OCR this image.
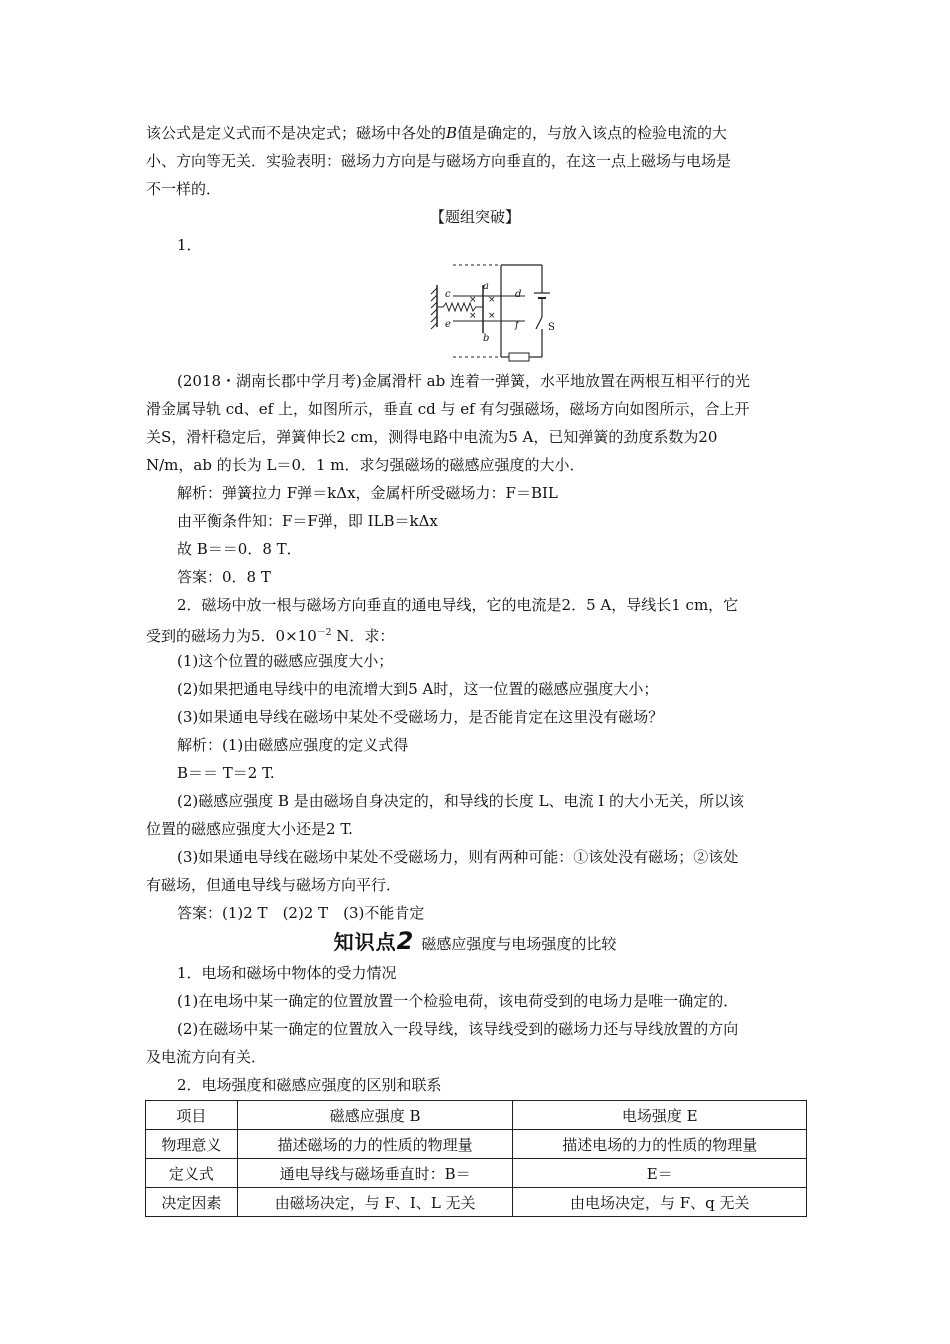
该公式是定义式而不是决定式；磁场中各处的B值是确定的，与放入该点的检验电流的大
小、方向等无关．实验表明：磁场力方向是与磁场方向垂直的，在这一点上磁场与电场是
不一样的．
【题组突破】
1．
a
b
c	d
e	f	S
× ×
× ×
(2018・湖南长郡中学月考)金属滑杆 ab 连着一弹簧，水平地放置在两根互相平行的光
滑金属导轨 cd、ef 上，如图所示，垂直 cd 与 ef 有匀强磁场，磁场方向如图所示，合上开
关S，滑杆稳定后，弹簧伸长2 cm，测得电路中电流为5 A，已知弹簧的劲度系数为20
N/m，ab 的长为 L＝0．1 m．求匀强磁场的磁感应强度的大小．
解析：弹簧拉力 F弹＝kΔx，金属杆所受磁场力：F＝BIL
由平衡条件知：F＝F弹，即 ILB＝kΔx
故 B＝＝0．8 T．
答案：0．8 T
2．磁场中放一根与磁场方向垂直的通电导线，它的电流是2．5 A，导线长1 cm，它
受到的磁场力为5．$0\times 10^{-2}$ N．求：
(1)这个位置的磁感应强度大小；
(2)如果把通电导线中的电流增大到5 A时，这一位置的磁感应强度大小；
(3)如果通电导线在磁场中某处不受磁场力，是否能肯定在这里没有磁场？
解析：(1)由磁感应强度的定义式得
B＝＝ T＝2 T.
(2)磁感应强度 B 是由磁场自身决定的，和导线的长度 L、电流 I 的大小无关，所以该
位置的磁感应强度大小还是2 T.
(3)如果通电导线在磁场中某处不受磁场力，则有两种可能：①该处没有磁场；②该处
有磁场，但通电导线与磁场方向平行．
答案：(1)2 T　(2)2 T　(3)不能肯定
知识点2 磁感应强度与电场强度的比较
1．电场和磁场中物体的受力情况
(1)在电场中某一确定的位置放置一个检验电荷，该电荷受到的电场力是唯一确定的．
(2)在磁场中某一确定的位置放入一段导线，该导线受到的磁场力还与导线放置的方向
及电流方向有关．
2．电场强度和磁感应强度的区别和联系
项目	磁感应强度 B	电场强度 E
物理意义	描述磁场的力的性质的物理量	描述电场的力的性质的物理量
定义式	通电导线与磁场垂直时：B＝	E＝
决定因素	由磁场决定，与 F、I、L 无关	由电场决定，与 F、q 无关
